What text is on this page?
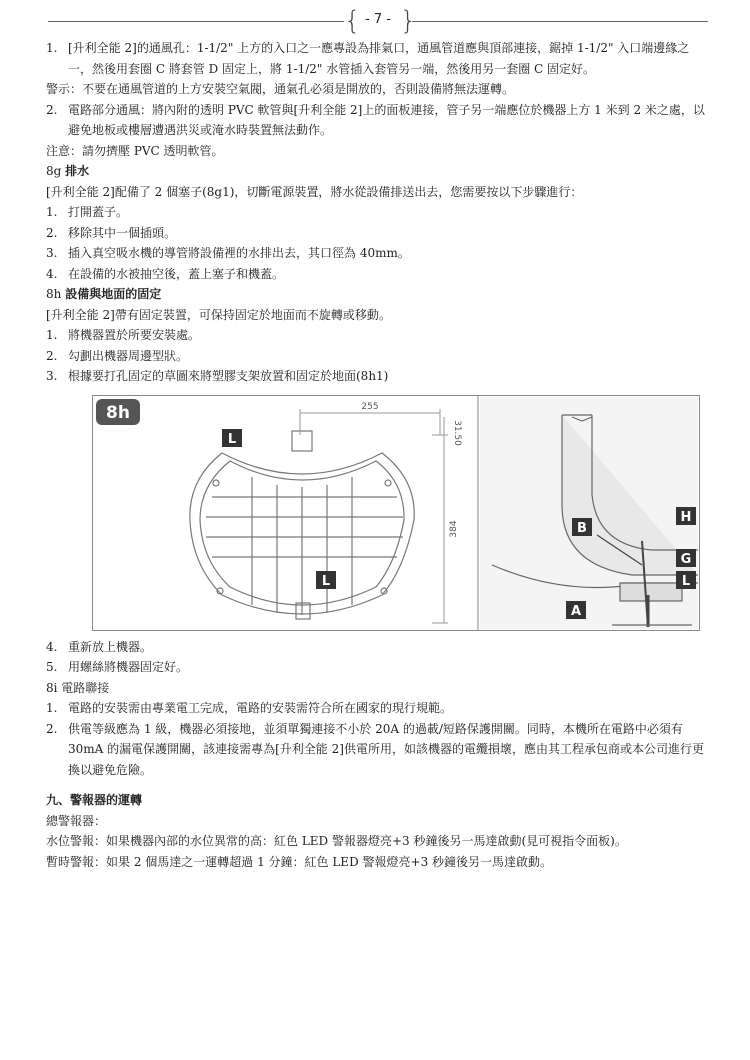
{ - 7 - }

1. [升利全能 2]的通風孔：1-1/2" 上方的入口之一應專設為排氣口，通風管道應與頂部連接，鋸掉 1-1/2" 入口端邊緣之一，然後用套圈 C 將套管 D 固定上，將 1-1/2" 水管插入套管另一端，然後用另一套圈 C 固定好。

警示：不要在通風管道的上方安裝空氣閥，通氣孔必須是開放的，否則設備將無法運轉。

2. 電路部分通風：將內附的透明 PVC 軟管與[升利全能 2]上的面板連接，管子另一端應位於機器上方 1 米到 2 米之處，以避免地板或樓層遭遇洪災或淹水時裝置無法動作。

注意：請勿擠壓 PVC 透明軟管。

8g 排水

[升利全能 2]配備了 2 個塞子(8g1)，切斷電源裝置，將水從設備排送出去，您需要按以下步驟進行：

1. 打開蓋子。

2. 移除其中一個插頭。

3. 插入真空吸水機的導管將設備裡的水排出去，其口徑為 40mm。

4. 在設備的水被抽空後，蓋上塞子和機蓋。

8h 設備與地面的固定

[升利全能 2]帶有固定裝置，可保持固定於地面而不旋轉或移動。

1. 將機器置於所要安裝處。

2. 勾劃出機器周邊型狀。

3. 根據要打孔固定的草圖來將塑膠支架放置和固定於地面(8h1)

8h	255
31.50
384
L
L
A
B
H
G
L

4. 重新放上機器。

5. 用螺絲將機器固定好。

8i 電路聯接

1. 電路的安裝需由專業電工完成，電路的安裝需符合所在國家的現行規範。

2. 供電等級應為 1 級，機器必須接地，並須單獨連接不小於 20A 的過載/短路保護開關。同時，本機所在電路中必須有 30mA 的漏電保護開關，該連接需專為[升利全能 2]供電所用，如該機器的電纜損壞，應由其工程承包商或本公司進行更換以避免危險。

九、警報器的運轉

總警報器：

水位警報：如果機器內部的水位異常的高：紅色 LED 警報器燈亮+3 秒鐘後另一馬達啟動(見可視指令面板)。

暫時警報：如果 2 個馬達之一運轉超過 1 分鐘：紅色 LED 警報燈亮+3 秒鐘後另一馬達啟動。
